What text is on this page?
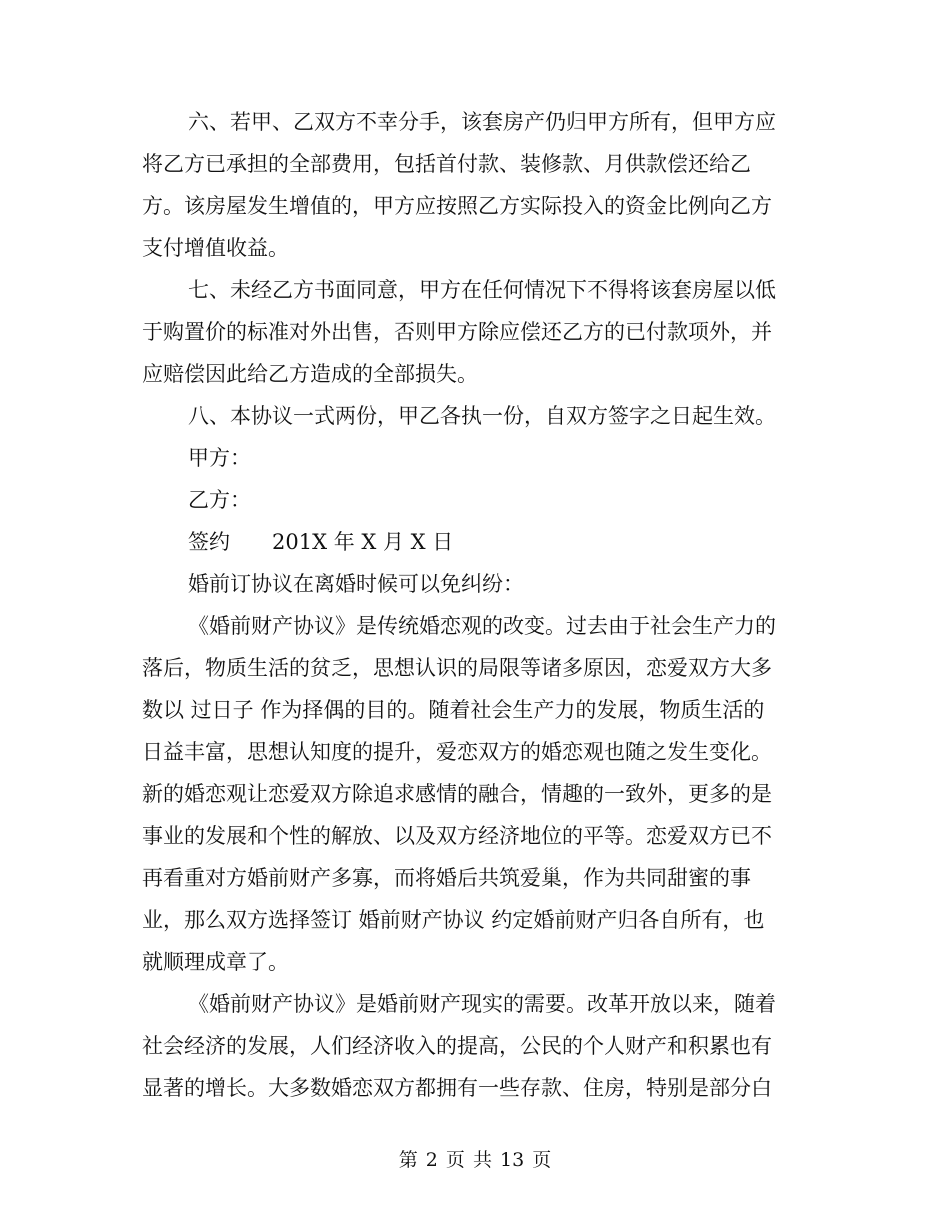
六、若甲、乙双方不幸分手，该套房产仍归甲方所有，但甲方应
将乙方已承担的全部费用，包括首付款、装修款、月供款偿还给乙
方。该房屋发生增值的，甲方应按照乙方实际投入的资金比例向乙方
支付增值收益。
七、未经乙方书面同意，甲方在任何情况下不得将该套房屋以低
于购置价的标准对外出售，否则甲方除应偿还乙方的已付款项外，并
应赔偿因此给乙方造成的全部损失。
八、本协议一式两份，甲乙各执一份，自双方签字之日起生效。
甲方：
乙方：
签约 201X 年 X 月 X 日
婚前订协议在离婚时候可以免纠纷：
《婚前财产协议》是传统婚恋观的改变。过去由于社会生产力的
落后，物质生活的贫乏，思想认识的局限等诸多原因，恋爱双方大多
数以 过日子 作为择偶的目的。随着社会生产力的发展，物质生活的
日益丰富，思想认知度的提升，爱恋双方的婚恋观也随之发生变化。
新的婚恋观让恋爱双方除追求感情的融合，情趣的一致外，更多的是
事业的发展和个性的解放、以及双方经济地位的平等。恋爱双方已不
再看重对方婚前财产多寡，而将婚后共筑爱巢，作为共同甜蜜的事
业，那么双方选择签订 婚前财产协议 约定婚前财产归各自所有，也
就顺理成章了。
《婚前财产协议》是婚前财产现实的需要。改革开放以来，随着
社会经济的发展，人们经济收入的提高，公民的个人财产和积累也有
显著的增长。大多数婚恋双方都拥有一些存款、住房，特别是部分白
第 2 页 共 13 页
